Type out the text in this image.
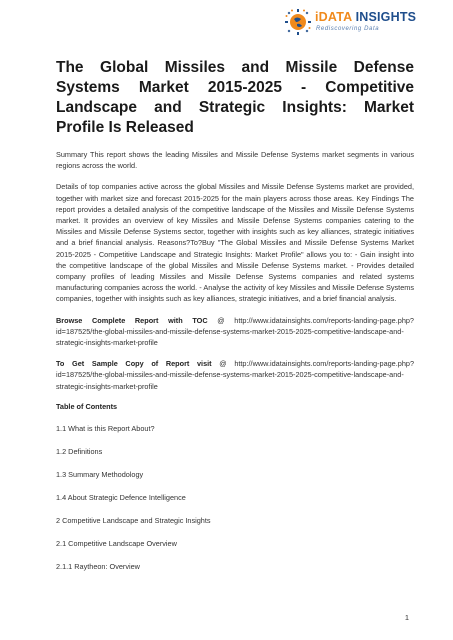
iDATA INSIGHTS
Rediscovering Data
The Global Missiles and Missile Defense Systems Market 2015-2025 - Competitive Landscape and Strategic Insights: Market Profile Is Released

Summary This report shows the leading Missiles and Missile Defense Systems market segments in various regions across the world.

Details of top companies active across the global Missiles and Missile Defense Systems market are provided, together with market size and forecast 2015-2025 for the main players across those areas. Key Findings The report provides a detailed analysis of the competitive landscape of the Missiles and Missile Defense Systems market. It provides an overview of key Missiles and Missile Defense Systems companies catering to the Missiles and Missile Defense Systems sector, together with insights such as key alliances, strategic initiatives and a brief financial analysis. Reasons?To?Buy "The Global Missiles and Missile Defense Systems Market 2015-2025 - Competitive Landscape and Strategic Insights: Market Profile" allows you to: - Gain insight into the competitive landscape of the global Missiles and Missile Defense Systems market. - Provides detailed company profiles of leading Missiles and Missile Defense Systems companies and related systems manufacturing companies across the world. - Analyse the activity of key Missiles and Missile Defense Systems companies, together with insights such as key alliances, strategic initiatives, and a brief financial analysis.

Browse Complete Report with TOC @ http://www.idatainsights.com/reports-landing-page.php?id=187525/the-global-missiles-and-missile-defense-systems-market-2015-2025-competitive-landscape-and-strategic-insights-market-profile

To Get Sample Copy of Report visit @ http://www.idatainsights.com/reports-landing-page.php?id=187525/the-global-missiles-and-missile-defense-systems-market-2015-2025-competitive-landscape-and-strategic-insights-market-profile

Table of Contents
1.1 What is this Report About?
1.2 Definitions
1.3 Summary Methodology
1.4 About Strategic Defence Intelligence
2 Competitive Landscape and Strategic Insights
2.1 Competitive Landscape Overview
2.1.1 Raytheon: Overview
1
